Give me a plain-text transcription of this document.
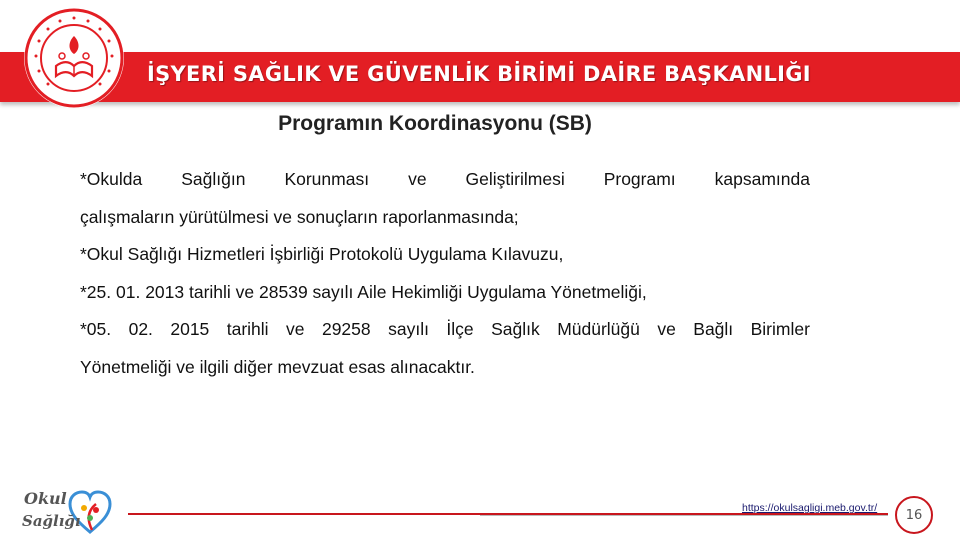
İŞYERİ SAĞLIK VE GÜVENLİK BİRİMİ DAİRE BAŞKANLIĞI
Programın Koordinasyonu (SB)
*Okulda Sağlığın Korunması ve Geliştirilmesi Programı kapsamında
çalışmaların yürütülmesi ve sonuçların raporlanmasında;
*Okul Sağlığı Hizmetleri İşbirliği Protokolü Uygulama Kılavuzu,
*25. 01. 2013 tarihli ve 28539 sayılı Aile Hekimliği Uygulama Yönetmeliği,
*05. 02. 2015 tarihli ve 29258 sayılı İlçe Sağlık Müdürlüğü ve Bağlı Birimler
Yönetmeliği ve ilgili diğer mevzuat esas alınacaktır.
Okul
Sağlığı
https://okulsagligi.meb.gov.tr/	16
